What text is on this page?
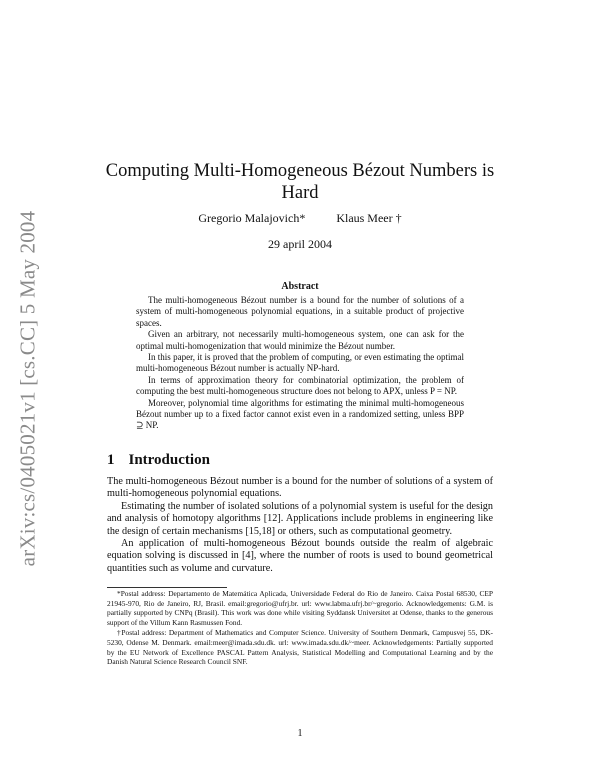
arXiv:cs/0405021v1 [cs.CC] 5 May 2004
Computing Multi-Homogeneous Bézout Numbers is Hard
Gregorio Malajovich*	Klaus Meer †
29 april 2004
Abstract

The multi-homogeneous Bézout number is a bound for the number of solutions of a system of multi-homogeneous polynomial equations, in a suitable product of projective spaces.

Given an arbitrary, not necessarily multi-homogeneous system, one can ask for the optimal multi-homogenization that would minimize the Bézout number.

In this paper, it is proved that the problem of computing, or even estimating the optimal multi-homogeneous Bézout number is actually NP-hard.

In terms of approximation theory for combinatorial optimization, the problem of computing the best multi-homogeneous structure does not belong to APX, unless P = NP.

Moreover, polynomial time algorithms for estimating the minimal multi-homogeneous Bézout number up to a fixed factor cannot exist even in a randomized setting, unless BPP ⊇ NP.

1 Introduction

The multi-homogeneous Bézout number is a bound for the number of solutions of a system of multi-homogeneous polynomial equations.

Estimating the number of isolated solutions of a polynomial system is useful for the design and analysis of homotopy algorithms [12]. Applications include problems in engineering like the design of certain mechanisms [15,18] or others, such as computational geometry.

An application of multi-homogeneous Bézout bounds outside the realm of algebraic equation solving is discussed in [4], where the number of roots is used to bound geometrical quantities such as volume and curvature.

*Postal address: Departamento de Matemática Aplicada, Universidade Federal do Rio de Janeiro. Caixa Postal 68530, CEP 21945-970, Rio de Janeiro, RJ, Brasil. email:gregorio@ufrj.br. url: www.labma.ufrj.br/~gregorio. Acknowledgements: G.M. is partially supported by CNPq (Brasil). This work was done while visiting Syddansk Universitet at Odense, thanks to the generous support of the Villum Kann Rasmussen Fond.

†Postal address: Department of Mathematics and Computer Science. University of Southern Denmark, Campusvej 55, DK-5230, Odense M. Denmark. email:meer@imada.sdu.dk. url: www.imada.sdu.dk/~meer. Acknowledgements: Partially supported by the EU Network of Excellence PASCAL Pattern Analysis, Statistical Modelling and Computational Learning and by the Danish Natural Science Research Council SNF.

1
